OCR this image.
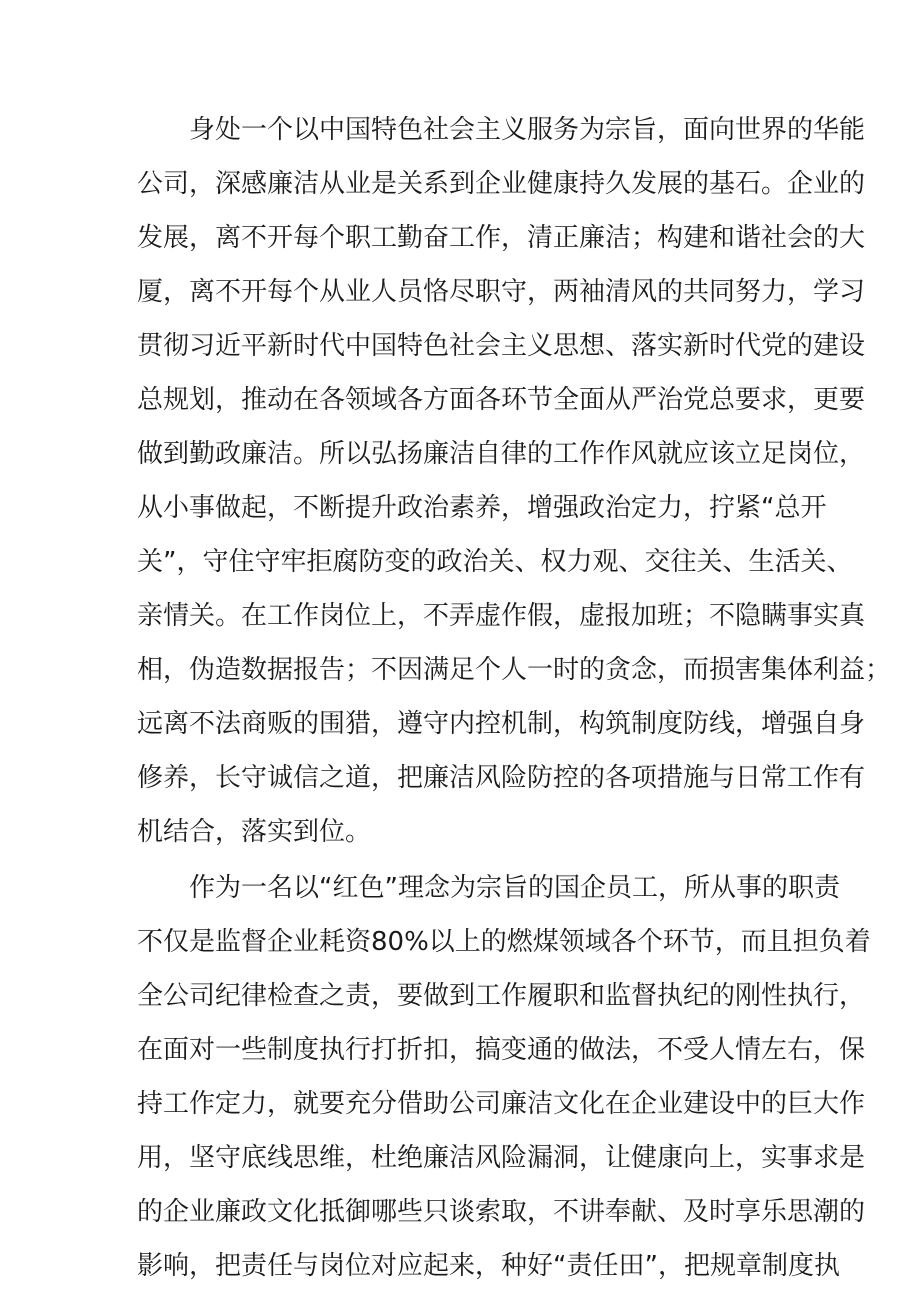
身处一个以中国特色社会主义服务为宗旨，面向世界的华能
公司，深感廉洁从业是关系到企业健康持久发展的基石。企业的
发展，离不开每个职工勤奋工作，清正廉洁；构建和谐社会的大
厦，离不开每个从业人员恪尽职守，两袖清风的共同努力，学习
贯彻习近平新时代中国特色社会主义思想、落实新时代党的建设
总规划，推动在各领域各方面各环节全面从严治党总要求，更要
做到勤政廉洁。所以弘扬廉洁自律的工作作风就应该立足岗位，
从小事做起，不断提升政治素养，增强政治定力，拧紧“总开
关”，守住守牢拒腐防变的政治关、权力观、交往关、生活关、
亲情关。在工作岗位上，不弄虚作假，虚报加班；不隐瞒事实真
相，伪造数据报告；不因满足个人一时的贪念，而损害集体利益；
远离不法商贩的围猎，遵守内控机制，构筑制度防线，增强自身
修养，长守诚信之道，把廉洁风险防控的各项措施与日常工作有
机结合，落实到位。
作为一名以“红色”理念为宗旨的国企员工，所从事的职责
不仅是监督企业耗资80%以上的燃煤领域各个环节，而且担负着
全公司纪律检查之责，要做到工作履职和监督执纪的刚性执行，
在面对一些制度执行打折扣，搞变通的做法，不受人情左右，保
持工作定力，就要充分借助公司廉洁文化在企业建设中的巨大作
用，坚守底线思维，杜绝廉洁风险漏洞，让健康向上，实事求是
的企业廉政文化抵御哪些只谈索取，不讲奉献、及时享乐思潮的
影响，把责任与岗位对应起来，种好“责任田”，把规章制度执
